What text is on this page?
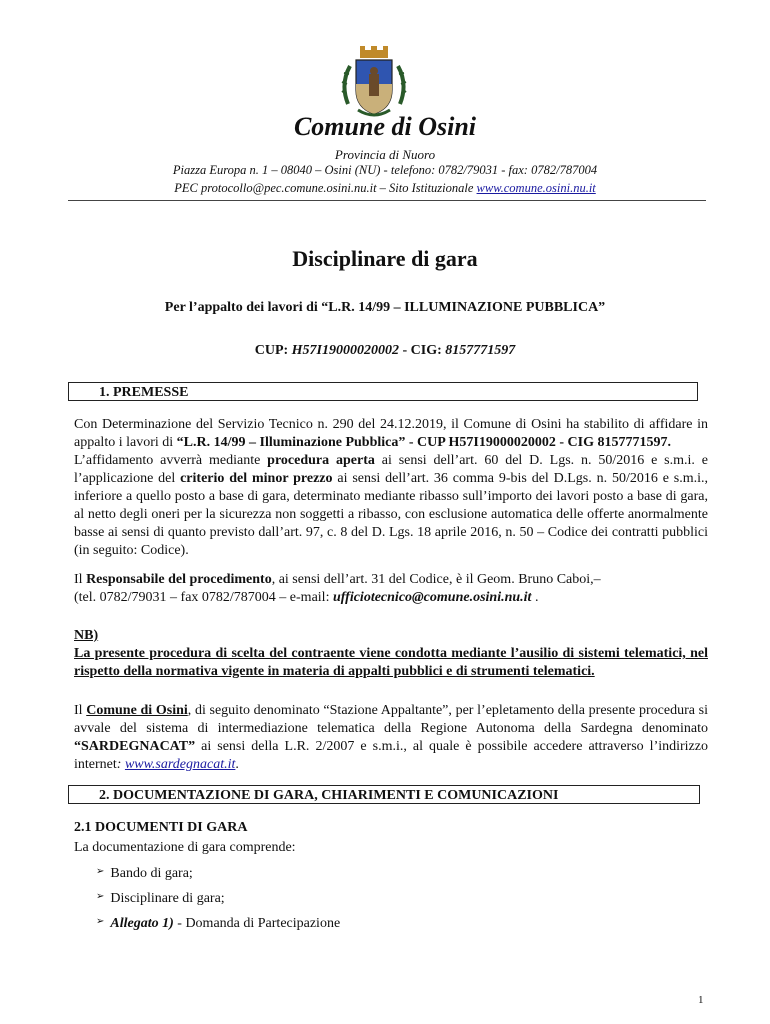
Comune di Osini
Provincia di Nuoro
Piazza Europa n. 1 – 08040 – Osini (NU) - telefono: 0782/79031 - fax: 0782/787004
PEC protocollo@pec.comune.osini.nu.it – Sito Istituzionale www.comune.osini.nu.it
Disciplinare di gara
Per l’appalto dei lavori di “L.R. 14/99 – ILLUMINAZIONE PUBBLICA”
CUP: H57I19000020002 - CIG: 8157771597
1. PREMESSE
Con Determinazione del Servizio Tecnico n. 290 del 24.12.2019, il Comune di Osini ha stabilito di affidare in appalto i lavori di “L.R. 14/99 – Illuminazione Pubblica” - CUP H57I19000020002 - CIG 8157771597.
L’affidamento avverrà mediante procedura aperta ai sensi dell’art. 60 del D. Lgs. n. 50/2016 e s.m.i. e l’applicazione del criterio del minor prezzo ai sensi dell’art. 36 comma 9-bis del D.Lgs. n. 50/2016 e s.m.i., inferiore a quello posto a base di gara, determinato mediante ribasso sull’importo dei lavori posto a base di gara, al netto degli oneri per la sicurezza non soggetti a ribasso, con esclusione automatica delle offerte anormalmente basse ai sensi di quanto previsto dall’art. 97, c. 8 del D. Lgs. 18 aprile 2016, n. 50 – Codice dei contratti pubblici (in seguito: Codice).
Il Responsabile del procedimento, ai sensi dell’art. 31 del Codice, è il Geom. Bruno Caboi,–
(tel. 0782/79031 – fax 0782/787004 – e-mail: ufficiotecnico@comune.osini.nu.it .
NB)
La presente procedura di scelta del contraente viene condotta mediante l’ausilio di sistemi telematici, nel rispetto della normativa vigente in materia di appalti pubblici e di strumenti telematici.
Il Comune di Osini, di seguito denominato “Stazione Appaltante”, per l’epletamento della presente procedura si avvale del sistema di intermediazione telematica della Regione Autonoma della Sardegna denominato “SARDEGNACAT” ai sensi della L.R. 2/2007 e s.m.i., al quale è possibile accedere attraverso l’indirizzo internet: www.sardegnacat.it.
2. DOCUMENTAZIONE DI GARA, CHIARIMENTI E COMUNICAZIONI
2.1 DOCUMENTI DI GARA
La documentazione di gara comprende:
➢ Bando di gara;
➢ Disciplinare di gara;
➢ Allegato 1) - Domanda di Partecipazione
1
